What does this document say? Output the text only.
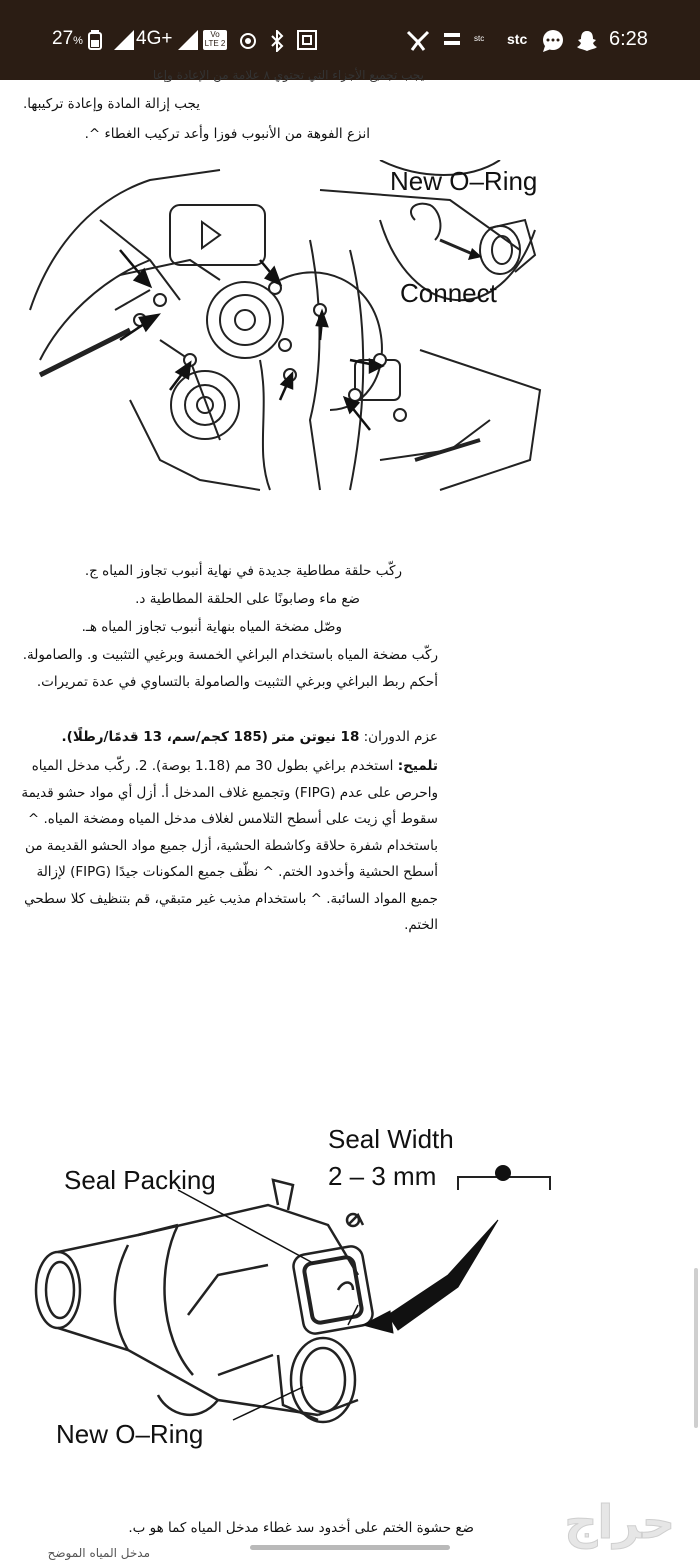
27%	4G+	Vo LTE 2
stc stc	6:28
يجب تجميع الأجزاء التي تحتوي ٨ علامة من الإعادة وإعا
يجب إزالة المادة وإعادة تركيبها.
انزع الفوهة من الأنبوب فوزا وأعد تركيب الغطاء ^.
New O–Ring
Connect
ركّب حلقة مطاطية جديدة في نهاية أنبوب تجاوز المياه ج.
ضع ماء وصابونًا على الحلقة المطاطية د.
وصّل مضخة المياه بنهاية أنبوب تجاوز المياه هـ.
ركّب مضخة المياه باستخدام البراغي الخمسة وبرغيي التثبيت و. والصامولة. أحكم ربط البراغي وبرغي التثبيت والصامولة بالتساوي في عدة تمريرات.
عزم الدوران: 18 نيوتن متر (185 كجم/سم، 13 قدمًا/رطلًا).
تلميح: استخدم براغي بطول 30 مم (1.18 بوصة). 2. ركّب مدخل المياه واحرص على عدم (FIPG) وتجميع غلاف المدخل أ. أزل أي مواد حشو قديمة سقوط أي زيت على أسطح التلامس لغلاف مدخل المياه ومضخة المياه. ^ باستخدام شفرة حلاقة وكاشطة الحشية، أزل جميع مواد الحشو القديمة من أسطح الحشية وأخدود الختم. ^ نظّف جميع المكونات جيدًا (FIPG) لإزالة جميع المواد السائبة. ^ باستخدام مذيب غير متبقي، قم بتنظيف كلا سطحي الختم.
Seal Width
2 – 3 mm
Seal Packing
New O–Ring
ضع حشوة الختم على أخدود سد غطاء مدخل المياه كما هو ب.
مدخل المياه الموضح
حراج
